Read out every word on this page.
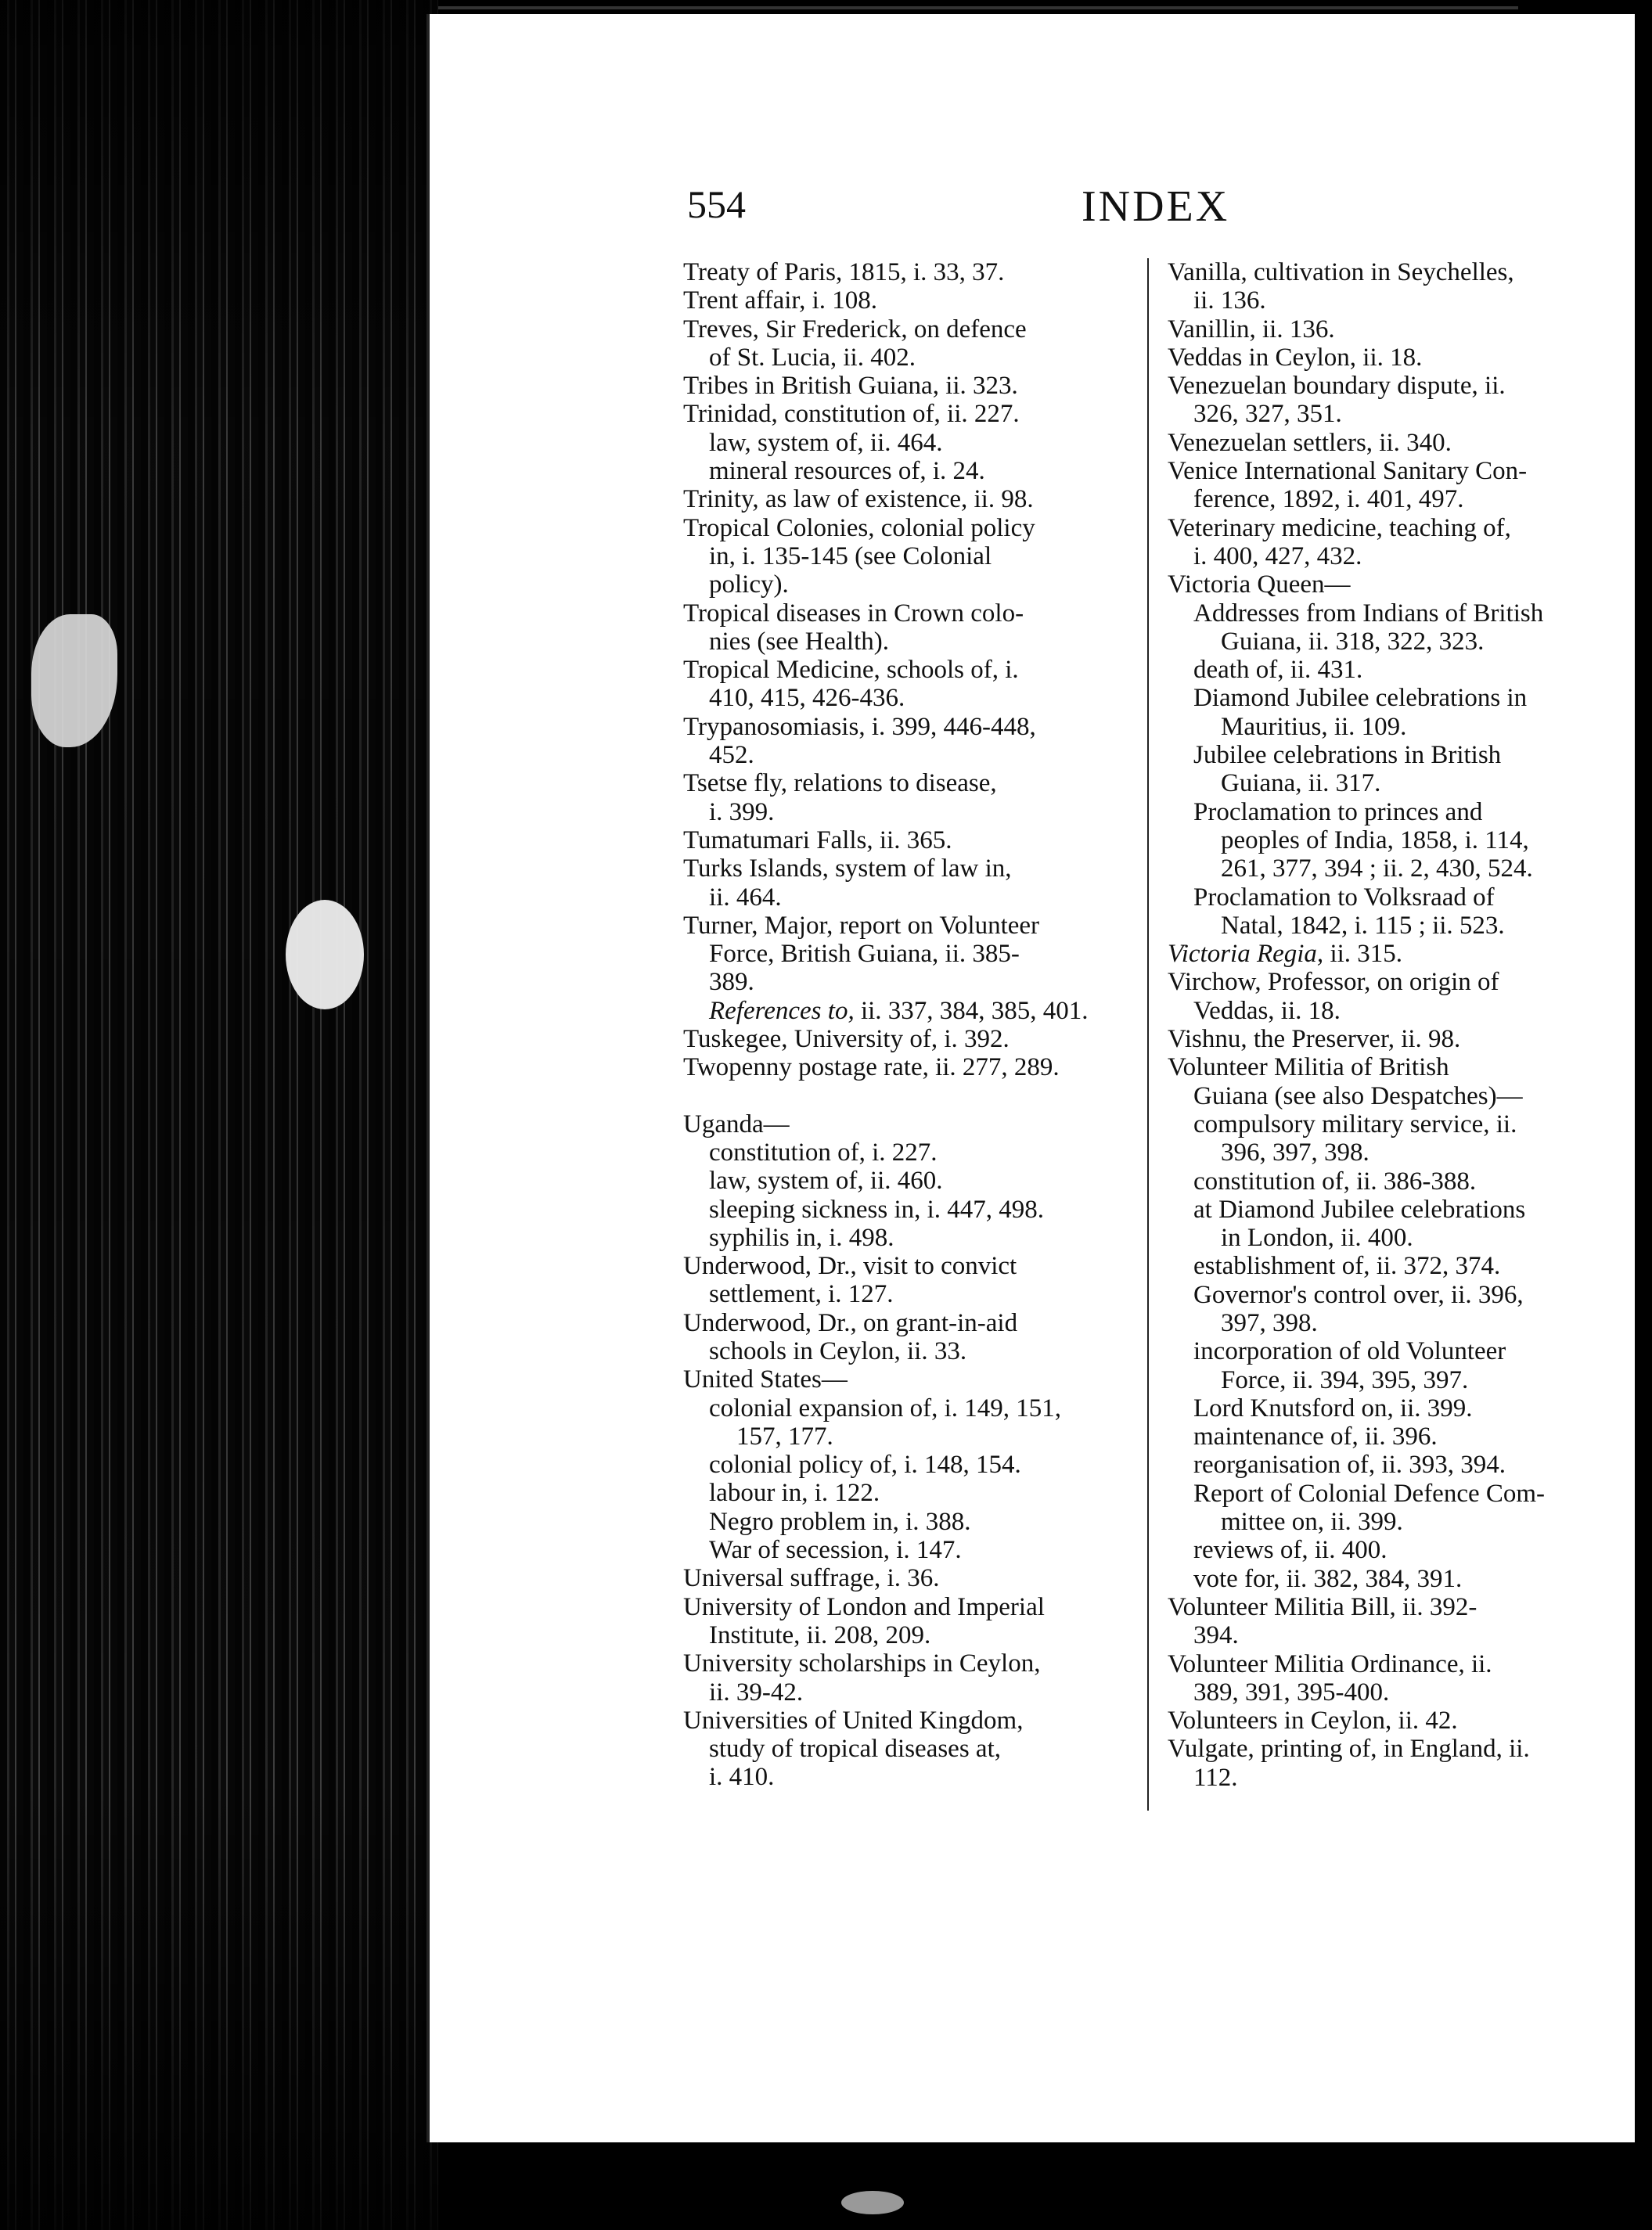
554	INDEX
Treaty of Paris, 1815, i. 33, 37.
Trent affair, i. 108.
Treves, Sir Frederick, on defence
of St. Lucia, ii. 402.
Tribes in British Guiana, ii. 323.
Trinidad, constitution of, ii. 227.
law, system of, ii. 464.
mineral resources of, i. 24.
Trinity, as law of existence, ii. 98.
Tropical Colonies, colonial policy
in, i. 135-145 (see Colonial
policy).
Tropical diseases in Crown colo-
nies (see Health).
Tropical Medicine, schools of, i.
410, 415, 426-436.
Trypanosomiasis, i. 399, 446-448,
452.
Tsetse fly, relations to disease,
i. 399.
Tumatumari Falls, ii. 365.
Turks Islands, system of law in,
ii. 464.
Turner, Major, report on Volunteer
Force, British Guiana, ii. 385-
389.
References to, ii. 337, 384, 385, 401.
Tuskegee, University of, i. 392.
Twopenny postage rate, ii. 277, 289.
Uganda—
constitution of, i. 227.
law, system of, ii. 460.
sleeping sickness in, i. 447, 498.
syphilis in, i. 498.
Underwood, Dr., visit to convict
settlement, i. 127.
Underwood, Dr., on grant-in-aid
schools in Ceylon, ii. 33.
United States—
colonial expansion of, i. 149, 151,
157, 177.
colonial policy of, i. 148, 154.
labour in, i. 122.
Negro problem in, i. 388.
War of secession, i. 147.
Universal suffrage, i. 36.
University of London and Imperial
Institute, ii. 208, 209.
University scholarships in Ceylon,
ii. 39-42.
Universities of United Kingdom,
study of tropical diseases at,
i. 410.
Vanilla, cultivation in Seychelles,
ii. 136.
Vanillin, ii. 136.
Veddas in Ceylon, ii. 18.
Venezuelan boundary dispute, ii.
326, 327, 351.
Venezuelan settlers, ii. 340.
Venice International Sanitary Con-
ference, 1892, i. 401, 497.
Veterinary medicine, teaching of,
i. 400, 427, 432.
Victoria Queen—
Addresses from Indians of British
Guiana, ii. 318, 322, 323.
death of, ii. 431.
Diamond Jubilee celebrations in
Mauritius, ii. 109.
Jubilee celebrations in British
Guiana, ii. 317.
Proclamation to princes and
peoples of India, 1858, i. 114,
261, 377, 394 ; ii. 2, 430, 524.
Proclamation to Volksraad of
Natal, 1842, i. 115 ; ii. 523.
Victoria Regia, ii. 315.
Virchow, Professor, on origin of
Veddas, ii. 18.
Vishnu, the Preserver, ii. 98.
Volunteer Militia of British
Guiana (see also Despatches)—
compulsory military service, ii.
396, 397, 398.
constitution of, ii. 386-388.
at Diamond Jubilee celebrations
in London, ii. 400.
establishment of, ii. 372, 374.
Governor's control over, ii. 396,
397, 398.
incorporation of old Volunteer
Force, ii. 394, 395, 397.
Lord Knutsford on, ii. 399.
maintenance of, ii. 396.
reorganisation of, ii. 393, 394.
Report of Colonial Defence Com-
mittee on, ii. 399.
reviews of, ii. 400.
vote for, ii. 382, 384, 391.
Volunteer Militia Bill, ii. 392-
394.
Volunteer Militia Ordinance, ii.
389, 391, 395-400.
Volunteers in Ceylon, ii. 42.
Vulgate, printing of, in England, ii.
112.
